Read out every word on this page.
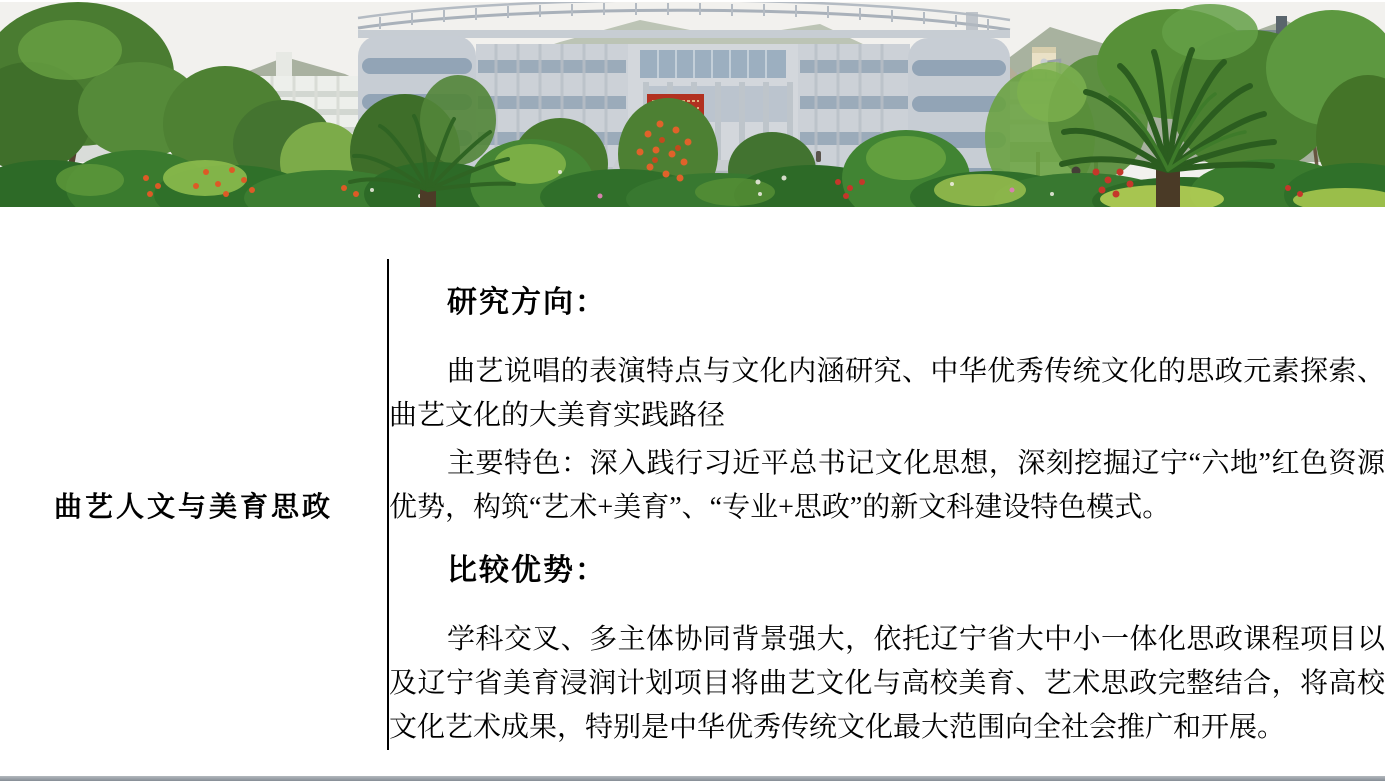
曲艺人文与美育思政

研究方向：

曲艺说唱的表演特点与文化内涵研究、中华优秀传统文化的思政元素探索、曲艺文化的大美育实践路径

主要特色：深入践行习近平总书记文化思想，深刻挖掘辽宁“六地”红色资源优势，构筑“艺术+美育”、“专业+思政”的新文科建设特色模式。

比较优势：

学科交叉、多主体协同背景强大，依托辽宁省大中小一体化思政课程项目以及辽宁省美育浸润计划项目将曲艺文化与高校美育、艺术思政完整结合，将高校文化艺术成果，特别是中华优秀传统文化最大范围向全社会推广和开展。
